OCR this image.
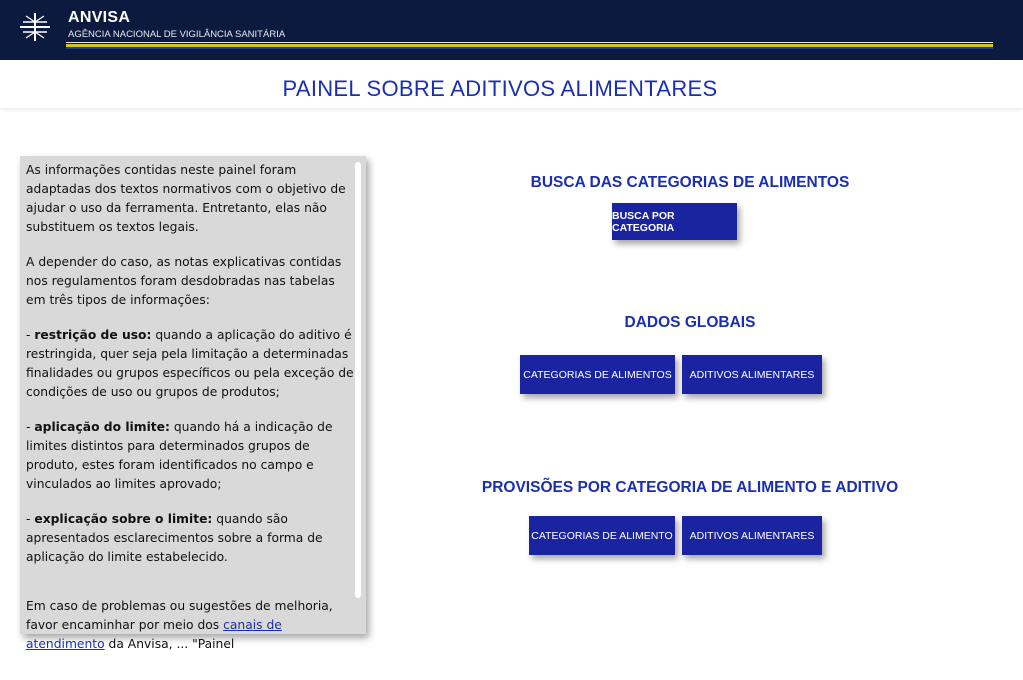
ANVISA
AGÊNCIA NACIONAL DE VIGILÂNCIA SANITÁRIA
PAINEL SOBRE ADITIVOS ALIMENTARES

As informações contidas neste painel foram adaptadas dos textos normativos com o objetivo de ajudar o uso da ferramenta. Entretanto, elas não substituem os textos legais.

A depender do caso, as notas explicativas contidas nos regulamentos foram desdobradas nas tabelas em três tipos de informações:

- restrição de uso: quando a aplicação do aditivo é restringida, quer seja pela limitação a determinadas finalidades ou grupos específicos ou pela exceção de condições de uso ou grupos de produtos;

- aplicação do limite: quando há a indicação de limites distintos para determinados grupos de produto, estes foram identificados no campo e vinculados ao limites aprovado;

- explicação sobre o limite: quando são apresentados esclarecimentos sobre a forma de aplicação do limite estabelecido.

Em caso de problemas ou sugestões de melhoria, favor encaminhar por meio dos canais de atendimento da Anvisa, ... "Painel

BUSCA DAS CATEGORIAS DE ALIMENTOS
BUSCA POR CATEGORIA
DADOS GLOBAIS
CATEGORIAS DE ALIMENTOS	ADITIVOS ALIMENTARES
PROVISÕES POR CATEGORIA DE ALIMENTO E ADITIVO
CATEGORIAS DE ALIMENTO	ADITIVOS ALIMENTARES
